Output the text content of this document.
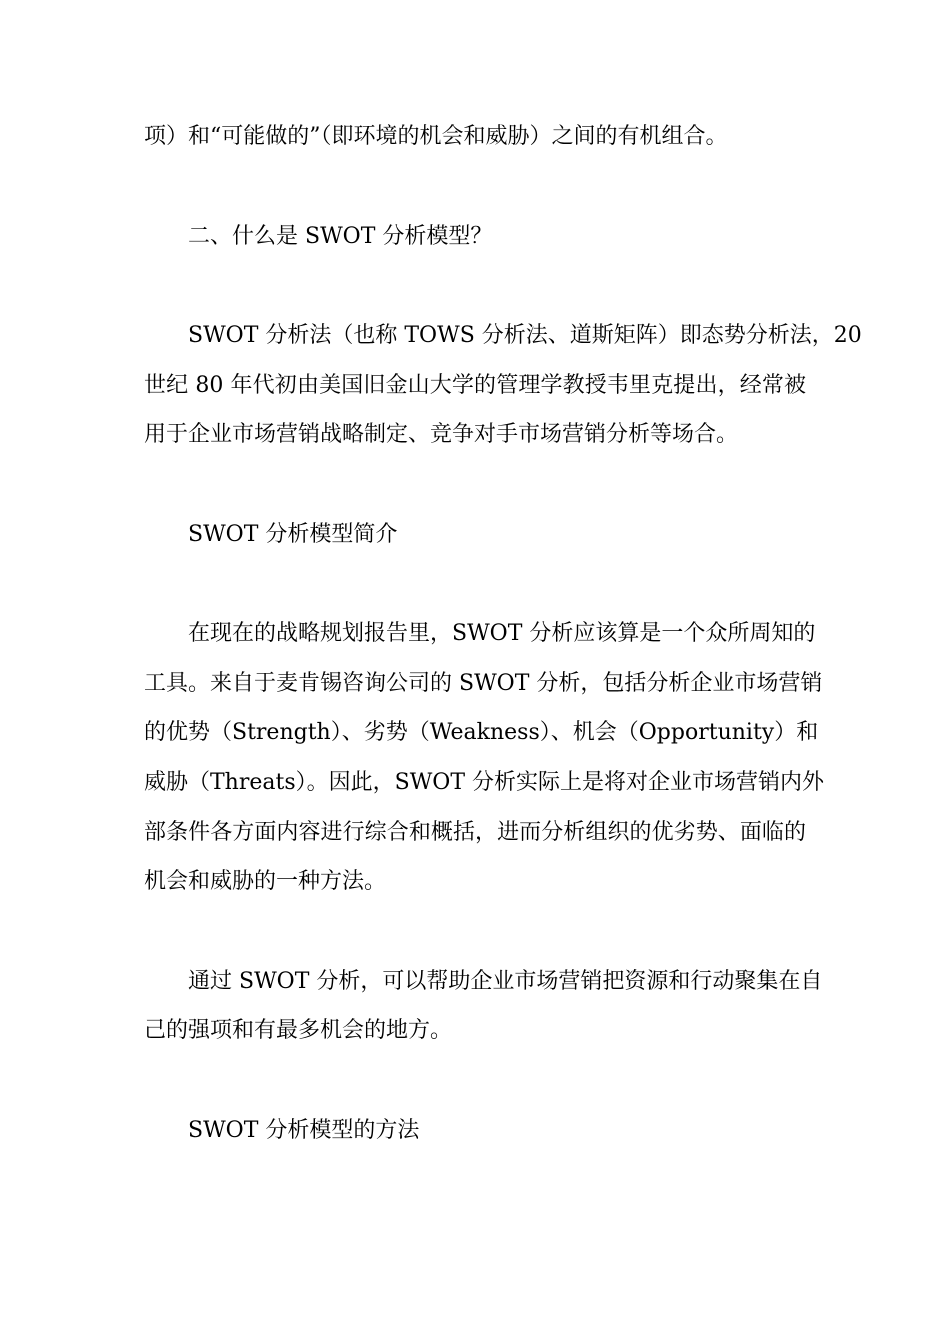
项）和“可能做的”（即环境的机会和威胁）之间的有机组合。
二、什么是 SWOT 分析模型？
SWOT 分析法（也称 TOWS 分析法、道斯矩阵）即态势分析法，20
世纪 80 年代初由美国旧金山大学的管理学教授韦里克提出，经常被
用于企业市场营销战略制定、竞争对手市场营销分析等场合。
SWOT 分析模型简介
在现在的战略规划报告里，SWOT 分析应该算是一个众所周知的
工具。来自于麦肯锡咨询公司的 SWOT 分析，包括分析企业市场营销
的优势（Strength）、劣势（Weakness）、机会（Opportunity）和
威胁（Threats）。因此，SWOT 分析实际上是将对企业市场营销内外
部条件各方面内容进行综合和概括，进而分析组织的优劣势、面临的
机会和威胁的一种方法。
通过 SWOT 分析，可以帮助企业市场营销把资源和行动聚集在自
己的强项和有最多机会的地方。
SWOT 分析模型的方法
